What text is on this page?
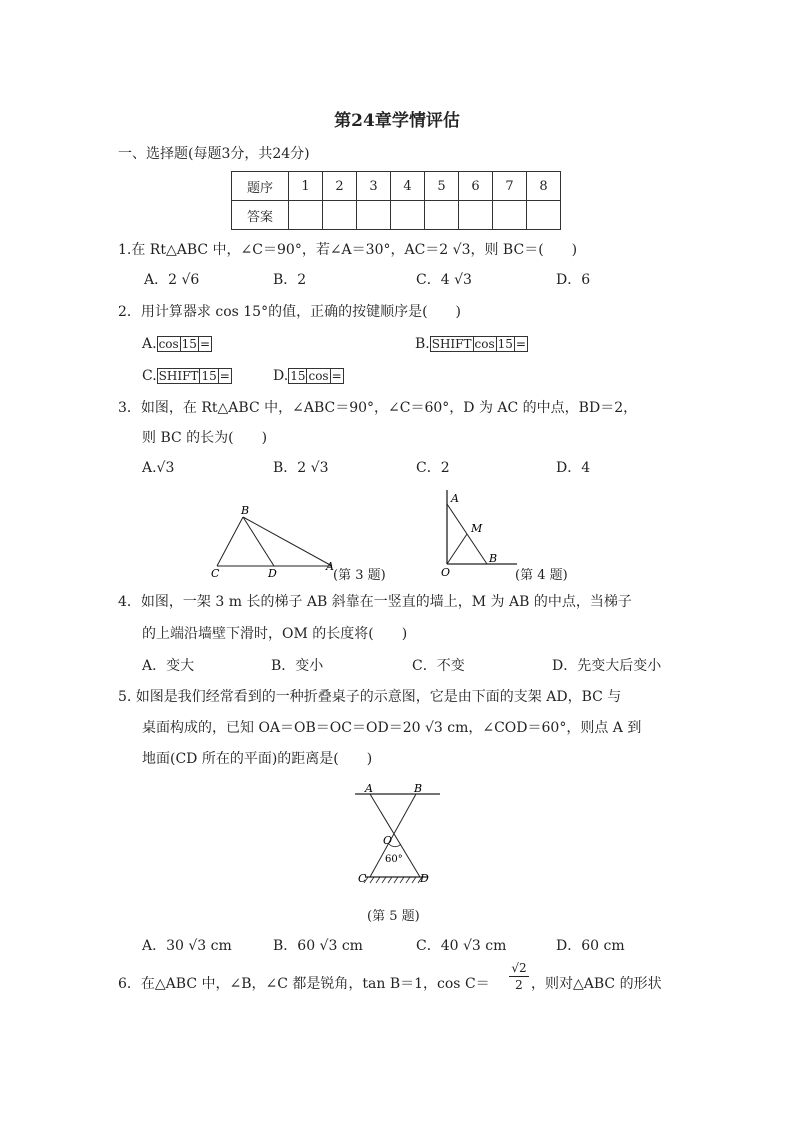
第24章学情评估
一、选择题(每题3分，共24分)
题序	1	2	3	4	5	6	7	8
答案								
1.在 Rt△ABC 中，∠C＝90°，若∠A＝30°，AC＝2 √3，则 BC＝(　　)
A．2 √6	B．2	C．4 √3	D．6
2．用计算器求 cos 15°的值，正确的按键顺序是(　　)
A. cos 15 =	B. SHIFT cos 15 =
C. SHIFT 15 =	D. 15 cos =
3．如图，在 Rt△ABC 中，∠ABC＝90°，∠C＝60°，D 为 AC 的中点，BD＝2，
则 BC 的长为(　　)
A.√3	B．2 √3	C．2	D．4
B
C	D
A
(第 3 题)
A
M
O
B
(第 4 题)
4．如图，一架 3 m 长的梯子 AB 斜靠在一竖直的墙上，M 为 AB 的中点，当梯子
的上端沿墙壁下滑时，OM 的长度将(　　)
A．变大	B．变小	C．不变	D．先变大后变小
5. 如图是我们经常看到的一种折叠桌子的示意图，它是由下面的支架 AD，BC 与
桌面构成的，已知 OA＝OB＝OC＝OD＝20 √3 cm，∠COD＝60°，则点 A 到
地面(CD 所在的平面)的距离是(　　)
A	B
O
60°
C	D
(第 5 题)
A．30 √3 cm	B．60 √3 cm	C．40 √3 cm	D．60 cm
6．在△ABC 中，∠B，∠C 都是锐角，tan B＝1，$\cos C= \frac{√2}{2}$ ，则对△ABC 的形状
